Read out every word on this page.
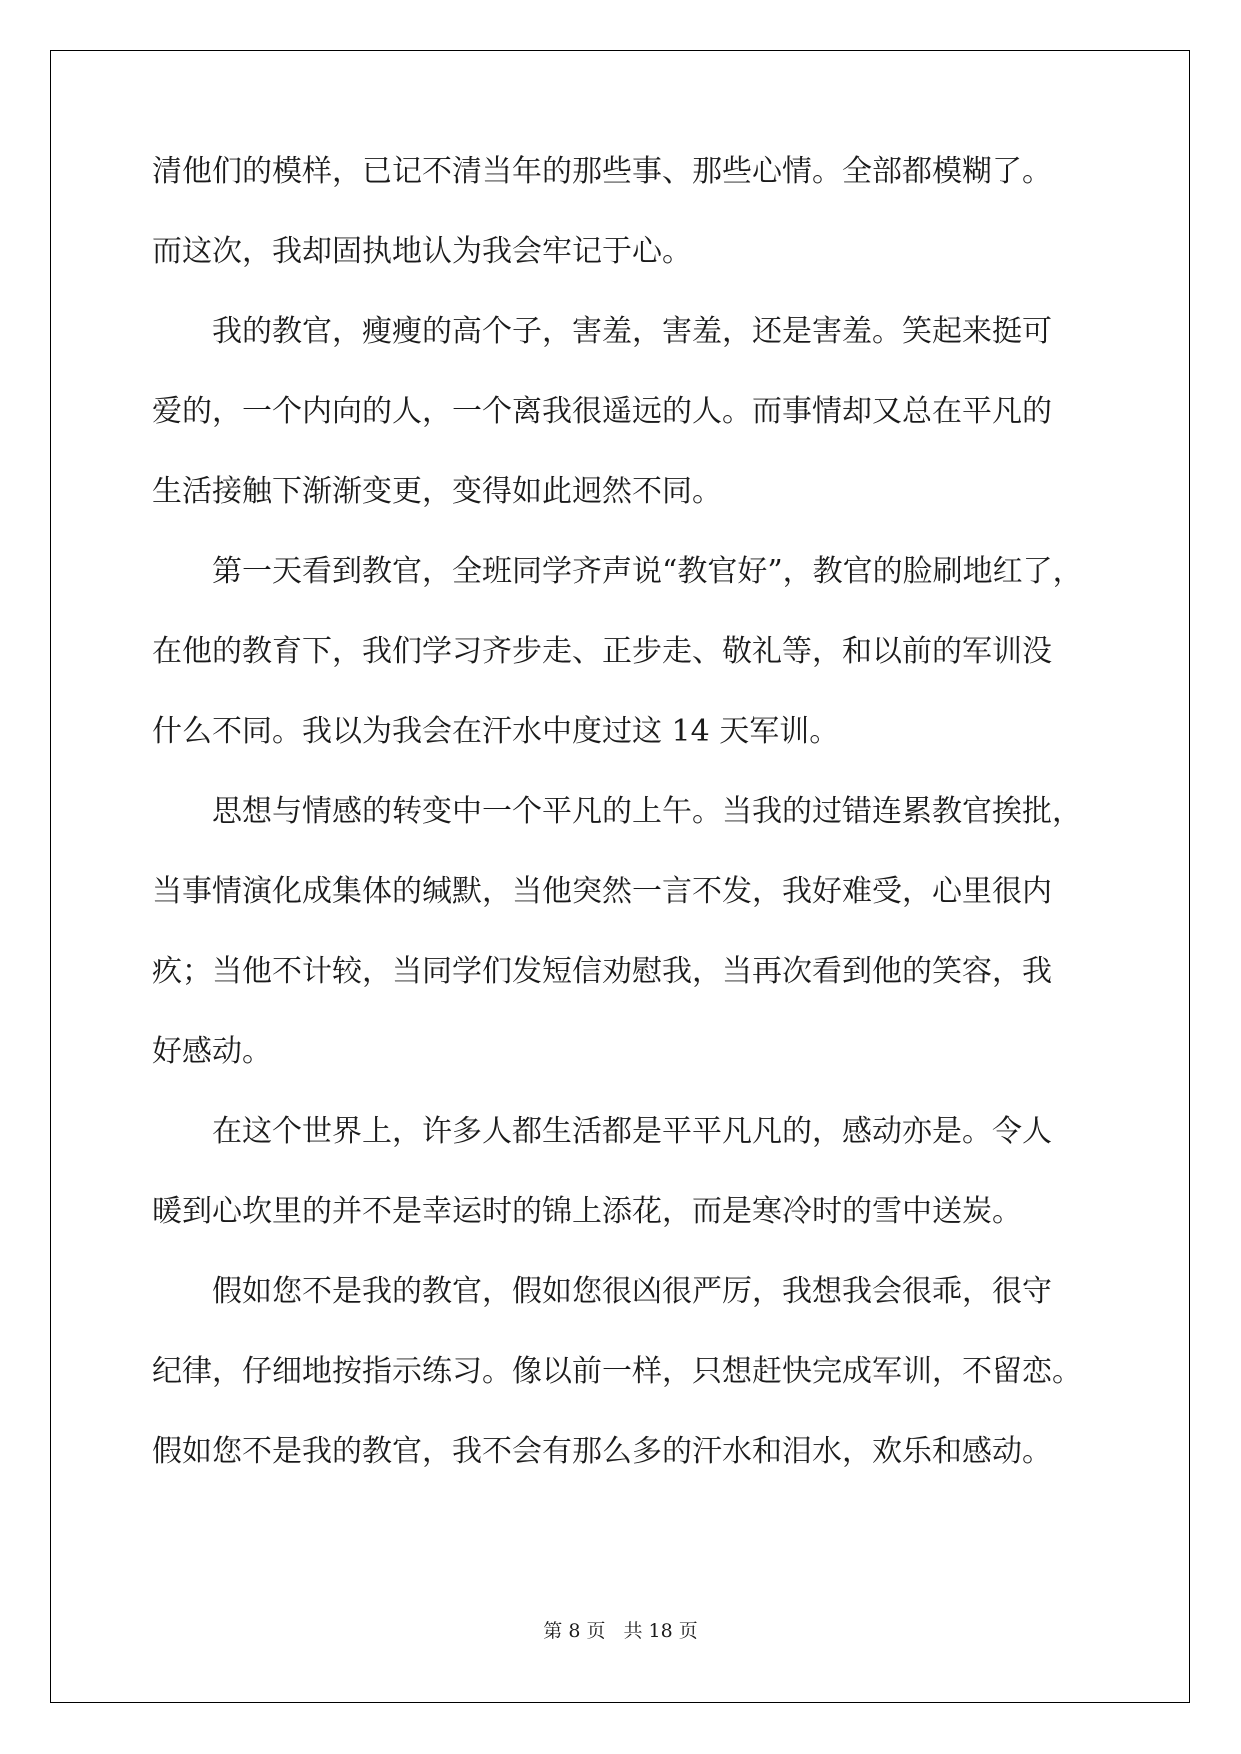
清他们的模样，已记不清当年的那些事、那些心情。全部都模糊了。
而这次，我却固执地认为我会牢记于心。
我的教官，瘦瘦的高个子，害羞，害羞，还是害羞。笑起来挺可
爱的，一个内向的人，一个离我很遥远的人。而事情却又总在平凡的
生活接触下渐渐变更，变得如此迥然不同。
第一天看到教官，全班同学齐声说“教官好”，教官的脸刷地红了，
在他的教育下，我们学习齐步走、正步走、敬礼等，和以前的军训没
什么不同。我以为我会在汗水中度过这 14 天军训。
思想与情感的转变中一个平凡的上午。当我的过错连累教官挨批，
当事情演化成集体的缄默，当他突然一言不发，我好难受，心里很内
疚；当他不计较，当同学们发短信劝慰我，当再次看到他的笑容，我
好感动。
在这个世界上，许多人都生活都是平平凡凡的，感动亦是。令人
暖到心坎里的并不是幸运时的锦上添花，而是寒冷时的雪中送炭。
假如您不是我的教官，假如您很凶很严厉，我想我会很乖，很守
纪律，仔细地按指示练习。像以前一样，只想赶快完成军训，不留恋。
假如您不是我的教官，我不会有那么多的汗水和泪水，欢乐和感动。
第 8 页 共 18 页
